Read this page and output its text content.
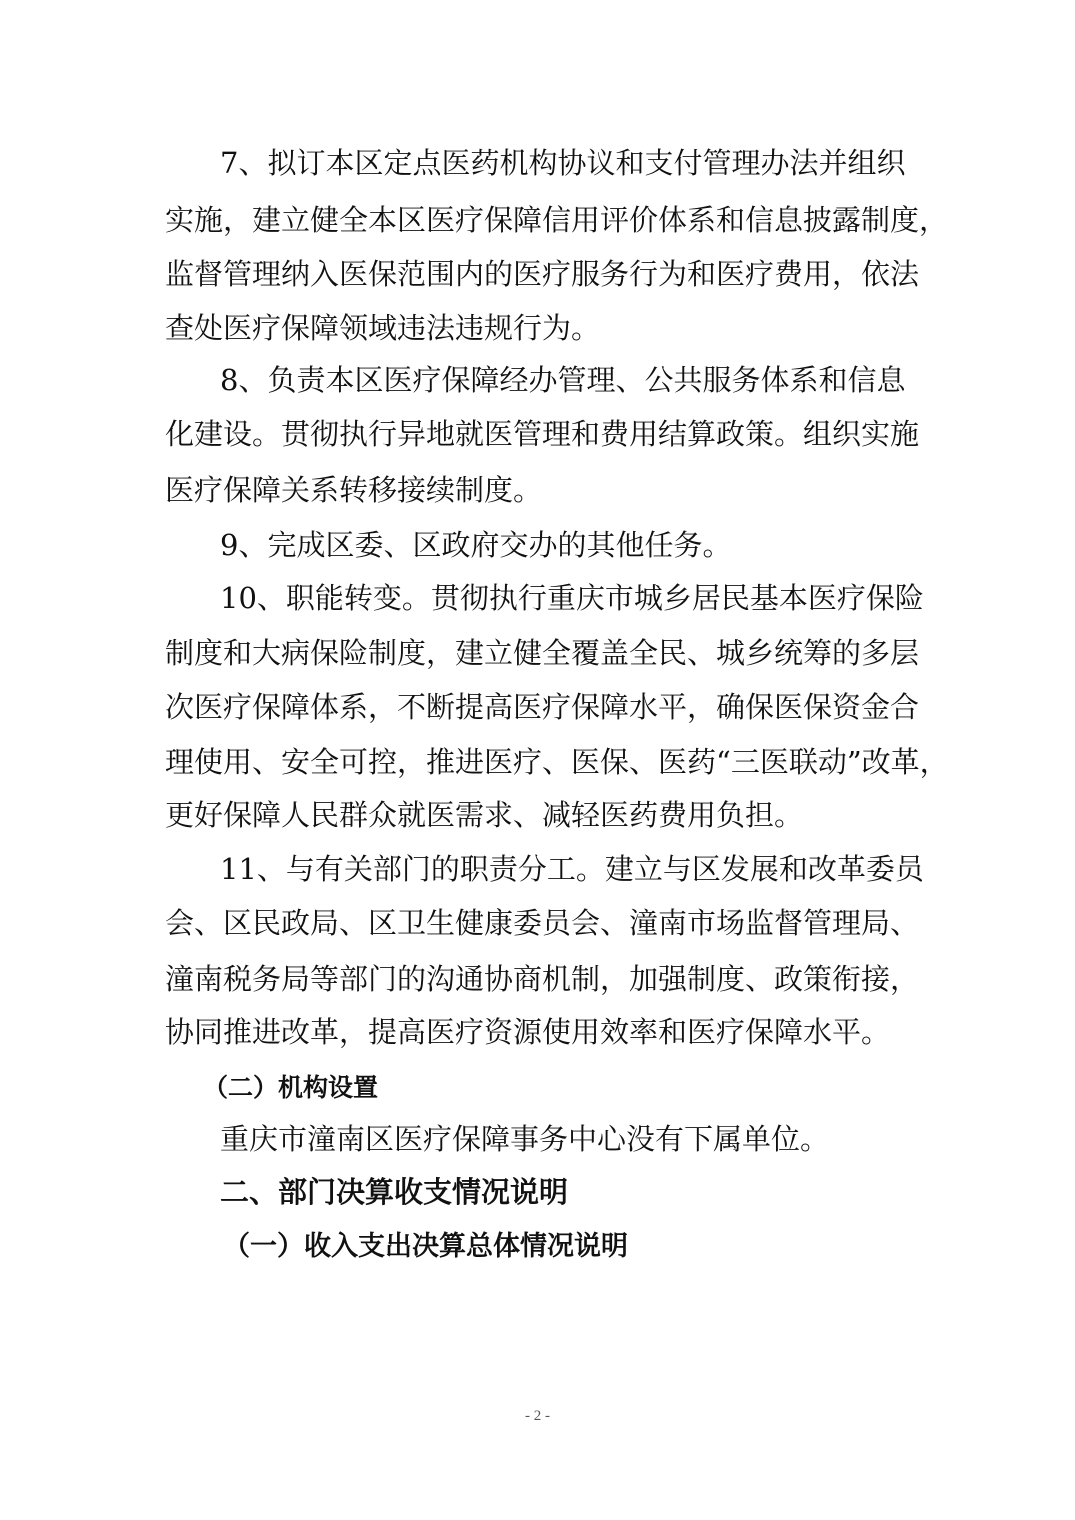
7、拟订本区定点医药机构协议和支付管理办法并组织
实施，建立健全本区医疗保障信用评价体系和信息披露制度，
监督管理纳入医保范围内的医疗服务行为和医疗费用，依法
查处医疗保障领域违法违规行为。
8、负责本区医疗保障经办管理、公共服务体系和信息
化建设。贯彻执行异地就医管理和费用结算政策。组织实施
医疗保障关系转移接续制度。
9、完成区委、区政府交办的其他任务。
10、职能转变。贯彻执行重庆市城乡居民基本医疗保险
制度和大病保险制度，建立健全覆盖全民、城乡统筹的多层
次医疗保障体系，不断提高医疗保障水平，确保医保资金合
理使用、安全可控，推进医疗、医保、医药“三医联动”改革，
更好保障人民群众就医需求、减轻医药费用负担。
11、与有关部门的职责分工。建立与区发展和改革委员
会、区民政局、区卫生健康委员会、潼南市场监督管理局、
潼南税务局等部门的沟通协商机制，加强制度、政策衔接，
协同推进改革，提高医疗资源使用效率和医疗保障水平。
（二）机构设置
重庆市潼南区医疗保障事务中心没有下属单位。
二、部门决算收支情况说明
（一）收入支出决算总体情况说明
- 2 -
